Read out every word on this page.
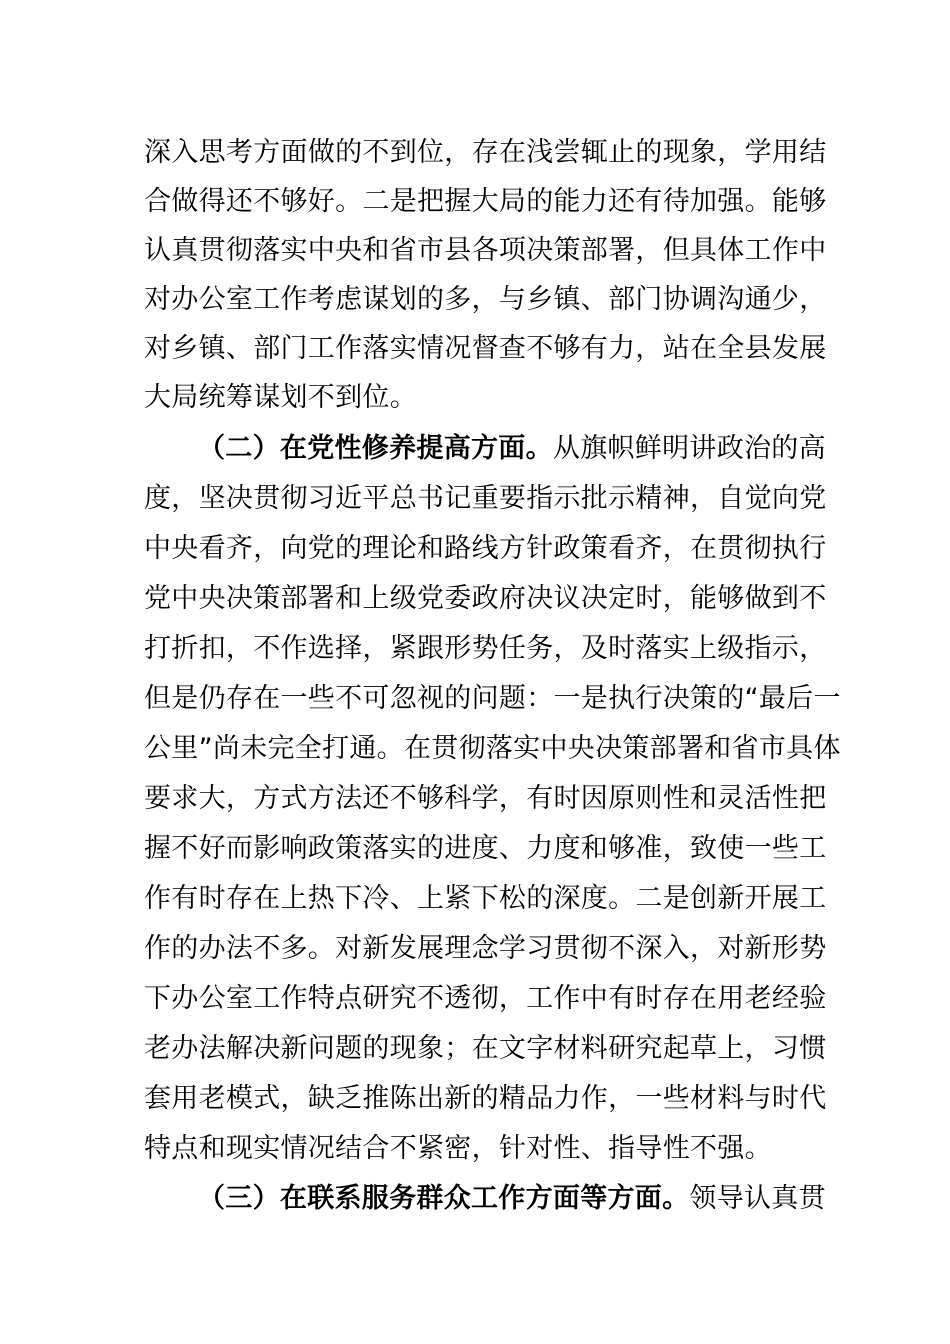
深入思考方面做的不到位，存在浅尝辄止的现象，学用结
合做得还不够好。二是把握大局的能力还有待加强。能够
认真贯彻落实中央和省市县各项决策部署，但具体工作中
对办公室工作考虑谋划的多，与乡镇、部门协调沟通少，
对乡镇、部门工作落实情况督查不够有力，站在全县发展
大局统筹谋划不到位。
（二）在党性修养提高方面。从旗帜鲜明讲政治的高
度，坚决贯彻习近平总书记重要指示批示精神，自觉向党
中央看齐，向党的理论和路线方针政策看齐，在贯彻执行
党中央决策部署和上级党委政府决议决定时，能够做到不
打折扣，不作选择，紧跟形势任务，及时落实上级指示，
但是仍存在一些不可忽视的问题：一是执行决策的“最后一
公里”尚未完全打通。在贯彻落实中央决策部署和省市具体
要求大，方式方法还不够科学，有时因原则性和灵活性把
握不好而影响政策落实的进度、力度和够准，致使一些工
作有时存在上热下冷、上紧下松的深度。二是创新开展工
作的办法不多。对新发展理念学习贯彻不深入，对新形势
下办公室工作特点研究不透彻，工作中有时存在用老经验
老办法解决新问题的现象；在文字材料研究起草上，习惯
套用老模式，缺乏推陈出新的精品力作，一些材料与时代
特点和现实情况结合不紧密，针对性、指导性不强。
（三）在联系服务群众工作方面等方面。领导认真贯
